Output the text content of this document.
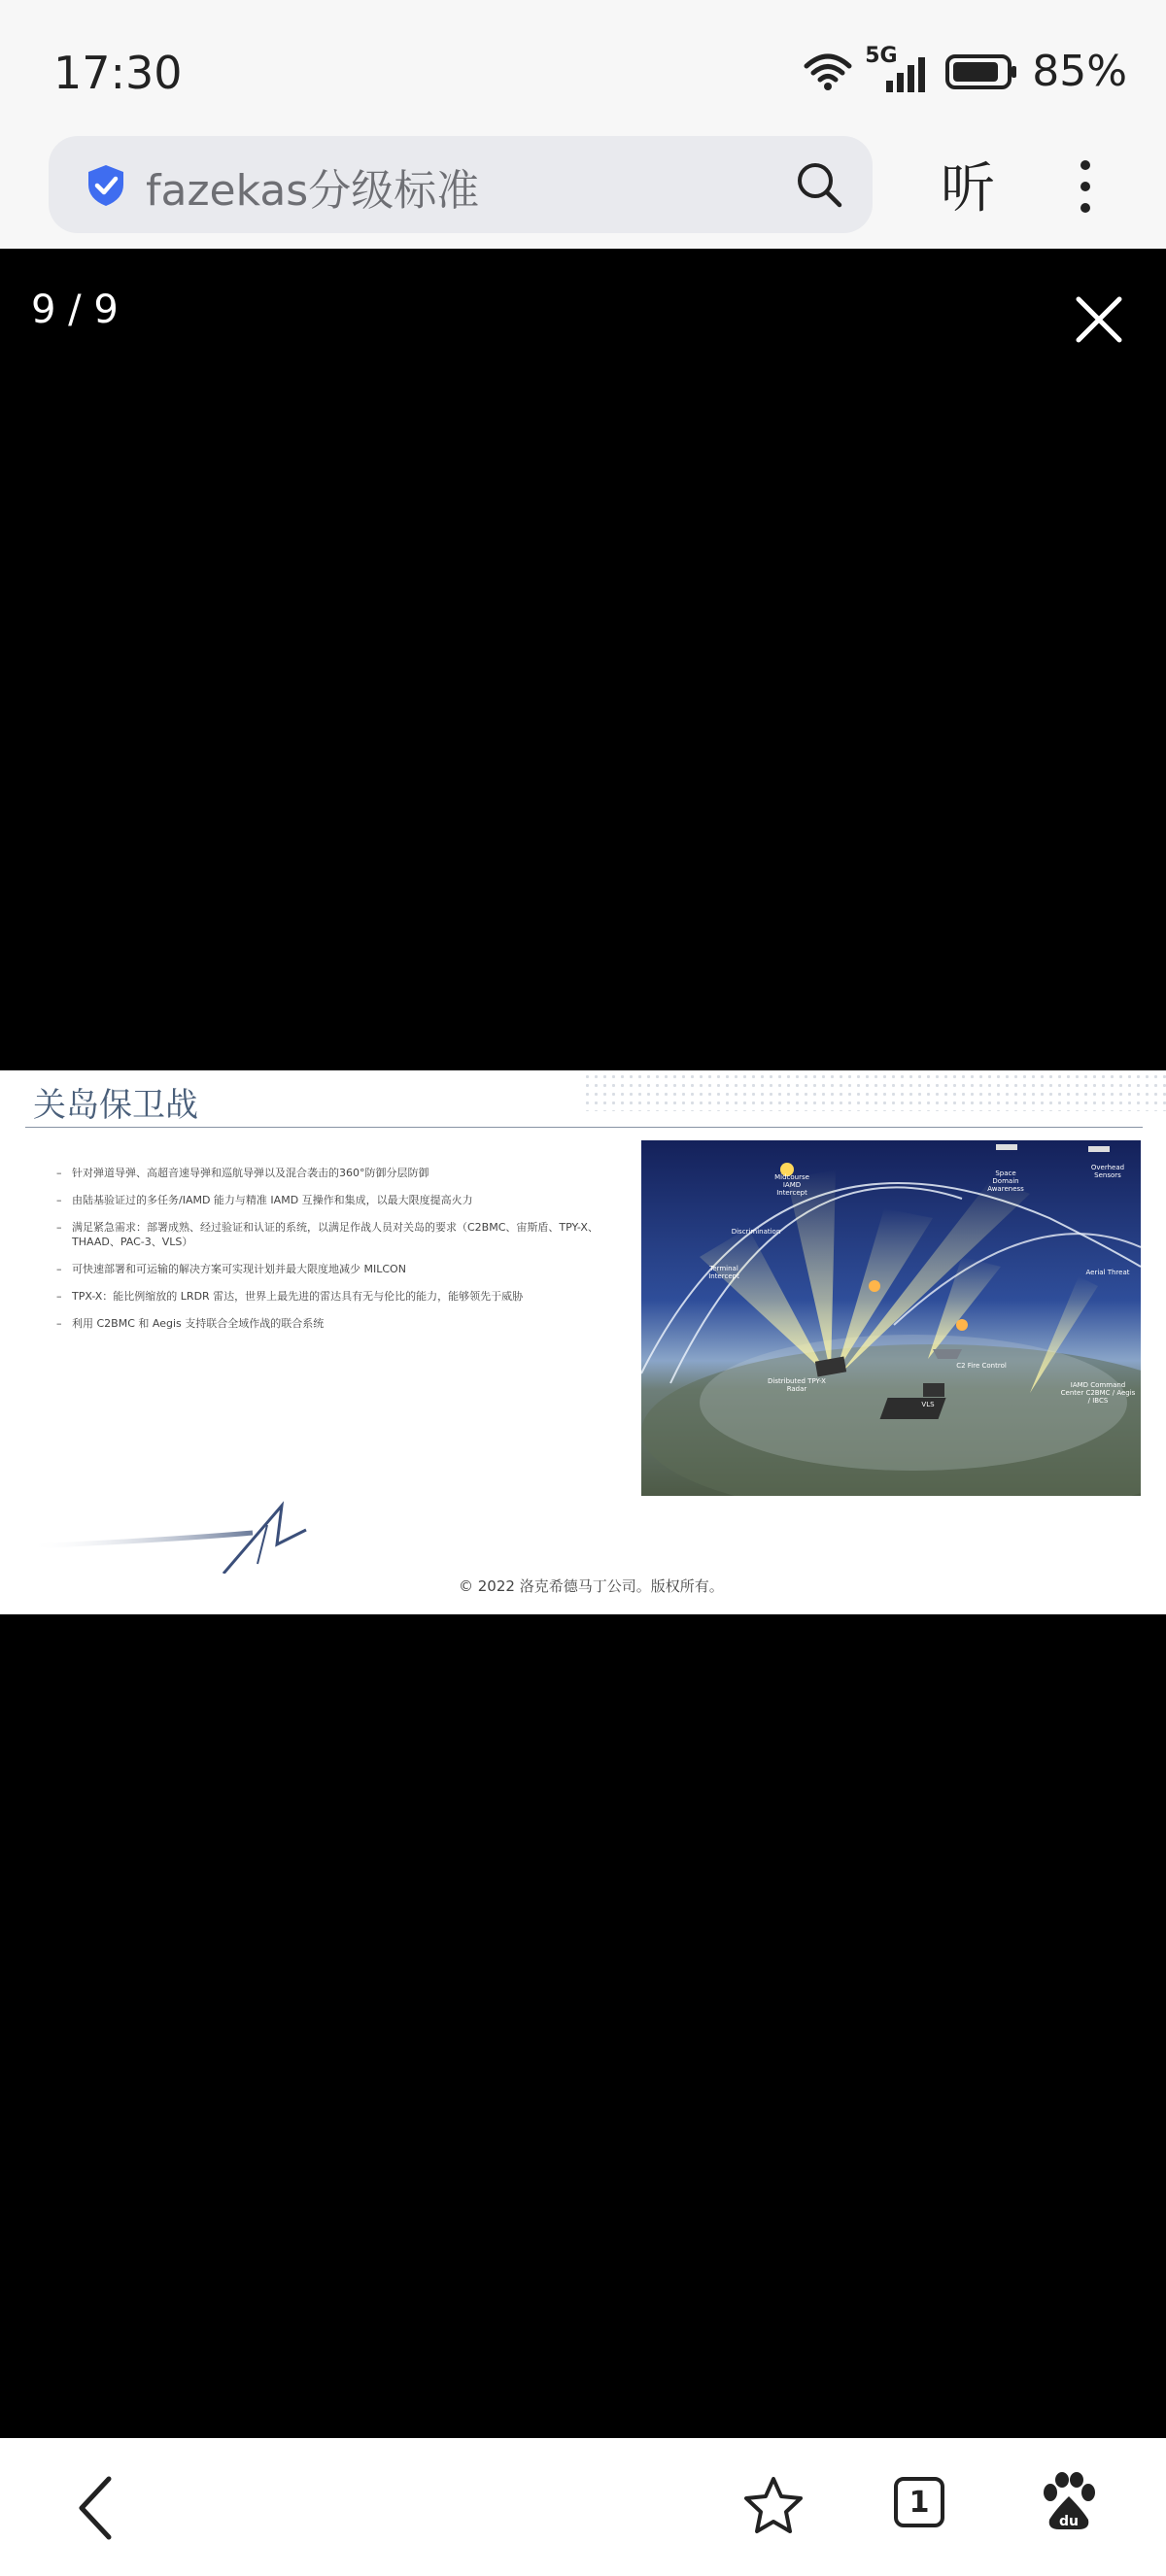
17:30	5G	85%
fazekas分级标准	听
9 / 9
关岛保卫战
– 针对弹道导弹、高超音速导弹和巡航导弹以及混合袭击的360°防御分层防御
– 由陆基验证过的多任务/IAMD 能力与精准 IAMD 互操作和集成，以最大限度提高火力
– 满足紧急需求：部署成熟、经过验证和认证的系统，以满足作战人员对关岛的要求（C2BMC、宙斯盾、TPY-X、THAAD、PAC-3、VLS）
– 可快速部署和可运输的解决方案可实现计划并最大限度地减少 MILCON
– TPX-X：能比例缩放的 LRDR 雷达，世界上最先进的雷达具有无与伦比的能力，能够领先于威胁
– 利用 C2BMC 和 Aegis 支持联合全域作战的联合系统
Midcourse IAMD Intercept
Space Domain Awareness
Overhead Sensors
Discrimination
Terminal Intercept	Aerial Threat
C2 Fire Control
Distributed TPY-X Radar	IAMD Command Center C2BMC / Aegis / IBCS
VLS
© 2022 洛克希德马丁公司。版权所有。
1
du
